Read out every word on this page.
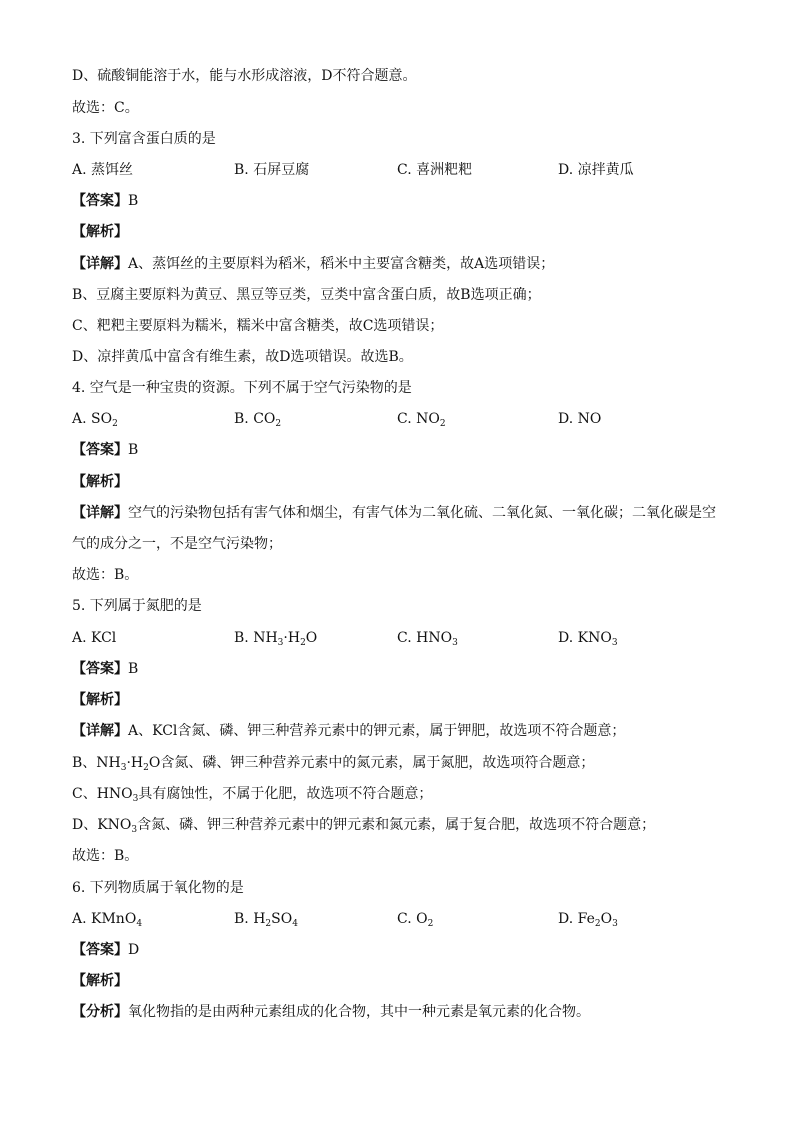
D、硫酸铜能溶于水，能与水形成溶液，D不符合题意。
故选：C。
3. 下列富含蛋白质的是
A. 蒸饵丝	B. 石屏豆腐	C. 喜洲粑粑	D. 凉拌黄瓜
【答案】B
【解析】
【详解】A、蒸饵丝的主要原料为稻米，稻米中主要富含糖类，故A选项错误；
B、豆腐主要原料为黄豆、黑豆等豆类，豆类中富含蛋白质，故B选项正确；
C、粑粑主要原料为糯米，糯米中富含糖类，故C选项错误；
D、凉拌黄瓜中富含有维生素，故D选项错误。故选B。
4. 空气是一种宝贵的资源。下列不属于空气污染物的是
A. $SO_2$	B. $CO_2$	C. $NO_2$	D. NO
【答案】B
【解析】
【详解】空气的污染物包括有害气体和烟尘，有害气体为二氧化硫、二氧化氮、一氧化碳；二氧化碳是空
气的成分之一，不是空气污染物；
故选：B。
5. 下列属于氮肥的是
A. KCl	B. $NH_3\cdot H_2O$	C. $HNO_3$	D. $KNO_3$
【答案】B
【解析】
【详解】A、KCl含氮、磷、钾三种营养元素中的钾元素，属于钾肥，故选项不符合题意；
B、$NH_3\cdot H_2O$含氮、磷、钾三种营养元素中的氮元素，属于氮肥，故选项符合题意；
C、$HNO_3$具有腐蚀性，不属于化肥，故选项不符合题意；
D、$KNO_3$含氮、磷、钾三种营养元素中的钾元素和氮元素，属于复合肥，故选项不符合题意；
故选：B。
6. 下列物质属于氧化物的是
A. KMnO$_4$	B. $H_2SO_4$	C. $O_2$	D. $Fe_2O_3$
【答案】D
【解析】
【分析】氧化物指的是由两种元素组成的化合物，其中一种元素是氧元素的化合物。
